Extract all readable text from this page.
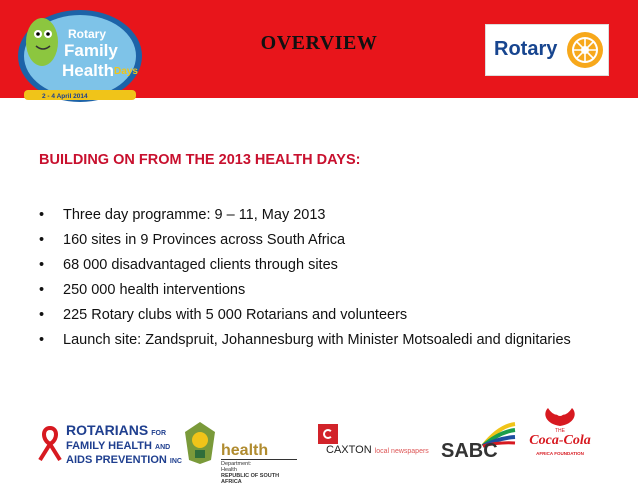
Rotary
Family
Health Days
2 - 4 April 2014
OVERVIEW	Rotary
BUILDING ON FROM THE 2013 HEALTH DAYS:
• Three day programme: 9 – 11, May 2013
• 160 sites in 9 Provinces across South Africa
• 68 000 disadvantaged clients through sites
• 250 000 health interventions
• 225 Rotary clubs with 5 000 Rotarians and volunteers
• Launch site: Zandspruit, Johannesburg with Minister Motsoaledi and dignitaries
ROTARIANS FOR
FAMILY HEALTH AND
AIDS PREVENTION INC
health
Department:
Health
REPUBLIC OF SOUTH AFRICA
CAXTON local newspapers SABC
THE
Coca-Cola
AFRICA FOUNDATION
